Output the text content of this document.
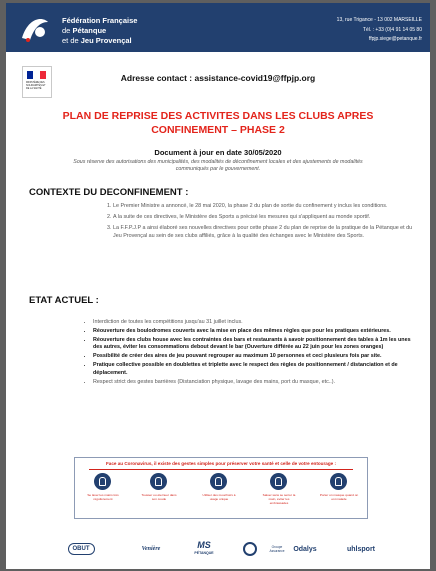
Fédération Française
de Pétanque
et de Jeu Provençal
13, rue Trigance - 13 002 MARSEILLE
Tél. : +33 (0)4 91 14 05 80
ffpjp.siege@petanque.fr
MINISTÈRE DES SOLIDARITÉS ET DE LA SANTÉ
Adresse contact : assistance-covid19@ffpjp.org
PLAN DE REPRISE DES ACTIVITES DANS LES CLUBS APRES
CONFINEMENT – PHASE 2
Document à jour en date 30/05/2020
Sous réserve des autorisations des municipalités, des modalités de déconfinement locales et des ajustements de modalités communiqués par le gouvernement.
CONTEXTE DU DECONFINEMENT :
1. Le Premier Ministre a annoncé, le 28 mai 2020, la phase 2 du plan de sortie du confinement y inclus les conditions.
2. A la suite de ces directives, le Ministère des Sports a précisé les mesures qui s'appliquent au monde sportif.
3. La F.F.P.J.P a ainsi élaboré ses nouvelles directives pour cette phase 2 du plan de reprise de la pratique de la Pétanque et du Jeu Provençal au sein de ses clubs affiliés, grâce à la qualité des échanges avec le Ministère des Sports.
ETAT ACTUEL :
• Interdiction de toutes les compétitions jusqu'au 31 juillet inclus.
• Réouverture des boulodromes couverts avec la mise en place des mêmes règles que pour les pratiques extérieures.
• Réouverture des clubs house avec les contraintes des bars et restaurants à savoir positionnement des tables à 1m les unes des autres, éviter les consommations debout devant le bar (Ouverture différée au 22 juin pour les zones oranges)
• Possibilité de créer des aires de jeu pouvant regrouper au maximum 10 personnes et ceci plusieurs fois par site.
• Pratique collective possible en doublettes et triplette avec le respect des règles de positionnement / distanciation et de déplacement.
• Respect strict des gestes barrières (Distanciation physique, lavage des mains, port du masque, etc..).
Face au Coronavirus, il existe des gestes simples pour préserver votre santé et celle de votre entourage :
Se laver les mains très régulièrement
Tousser ou éternuer dans son coude
Utiliser des mouchoirs à usage unique
Saluer sans se serrer la main, éviter les embrassades
Porter un masque quand on est malade
OBUT	Venière	MS
PÉTANQUE
Groupe Assurance	Odalys	uhlsport
